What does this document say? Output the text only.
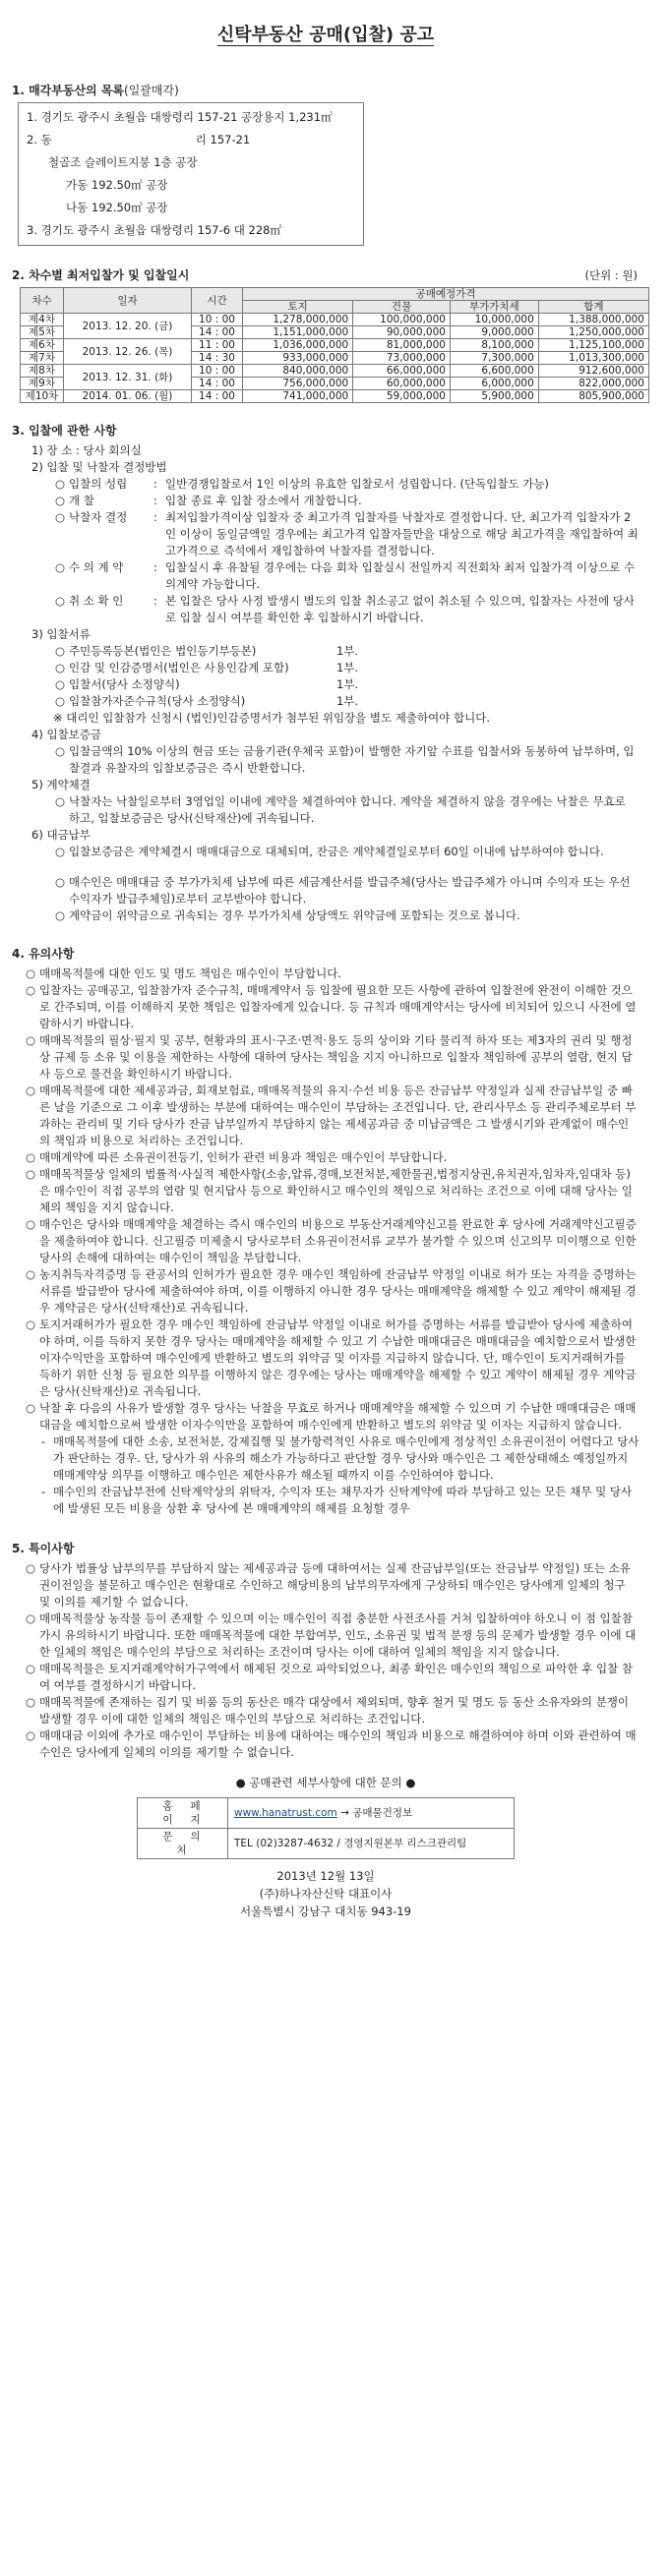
신탁부동산 공매(입찰) 공고
1. 매각부동산의 목록(일괄매각)
1. 경기도 광주시 초월읍 대쌍령리 157-21 공장용지 1,231㎡
2. 동	리 157-21
철골조 슬레이트지붕 1층 공장
가동 192.50㎡ 공장
나동 192.50㎡ 공장
3. 경기도 광주시 초월읍 대쌍령리 157-6 대 228㎡
2. 차수별 최저입찰가 및 입찰일시	(단위 : 원)
차수	일자	시간	공매예정가격			
			토지	건물	부가가치세	합계
제4차	2013. 12. 20. (금)	10 : 00	1,278,000,000	100,000,000	10,000,000	1,388,000,000
제5차		14 : 00	1,151,000,000	90,000,000	9,000,000	1,250,000,000
제6차	2013. 12. 26. (목)	11 : 00	1,036,000,000	81,000,000	8,100,000	1,125,100,000
제7차		14 : 30	933,000,000	73,000,000	7,300,000	1,013,300,000
제8차	2013. 12. 31. (화)	10 : 00	840,000,000	66,000,000	6,600,000	912,600,000
제9차		14 : 00	756,000,000	60,000,000	6,000,000	822,000,000
제10차	2014. 01. 06. (월)	14 : 00	741,000,000	59,000,000	5,900,000	805,900,000
3. 입찰에 관한 사항
1) 장 소 : 당사 회의실
2) 입찰 및 낙찰자 결정방법
○ 입찰의 성립	: 일반경쟁입찰로서 1인 이상의 유효한 입찰로서 성립합니다. (단독입찰도 가능)
○ 개 찰	: 입찰 종료 후 입찰 장소에서 개찰합니다.
○ 낙찰자 결정	: 최저입찰가격이상 입찰자 중 최고가격 입찰자를 낙찰자로 결정합니다. 단, 최고가격 입찰자가 2인 이상이 동일금액일 경우에는 최고가격 입찰자들만을 대상으로 해당 최고가격을 재입찰하여 최고가격으로 즉석에서 재입찰하여 낙찰자를 결정합니다.
○ 수 의 계 약	: 입찰실시 후 유찰될 경우에는 다음 회차 입찰실시 전일까지 직전회차 최저 입찰가격 이상으로 수의계약 가능합니다.
○ 취 소 확 인	: 본 입찰은 당사 사정 발생시 별도의 입찰 취소공고 없이 취소될 수 있으며, 입찰자는 사전에 당사로 입찰 실시 여부를 확인한 후 입찰하시기 바랍니다.
3) 입찰서류
○ 주민등록등본(법인은 법인등기부등본)	1부.
○ 인감 및 인감증명서(법인은 사용인감계 포함)	1부.
○ 입찰서(당사 소정양식)	1부.
○ 입찰참가자준수규칙(당사 소정양식)	1부.
※ 대리인 입찰참가 신청시 (법인)인감증명서가 첨부된 위임장을 별도 제출하여야 합니다.
4) 입찰보증금
○ 입찰금액의 10% 이상의 현금 또는 금융기관(우체국 포함)이 발행한 자기앞 수표를 입찰서와 동봉하여 납부하며, 입찰결과 유찰자의 입찰보증금은 즉시 반환합니다.
5) 계약체결
○ 낙찰자는 낙찰일로부터 3영업일 이내에 계약을 체결하여야 합니다. 계약을 체결하지 않을 경우에는 낙찰은 무효로 하고, 입찰보증금은 당사(신탁재산)에 귀속됩니다.
6) 대금납부
○ 입찰보증금은 계약체결시 매매대금으로 대체되며, 잔금은 계약체결일로부터 60일 이내에 납부하여야 합니다.
○ 매수인은 매매대금 중 부가가치세 납부에 따른 세금계산서를 발급주체(당사는 발급주체가 아니며 수익자 또는 우선수익자가 발급주체임)로부터 교부받아야 합니다.
○ 계약금이 위약금으로 귀속되는 경우 부가가치세 상당액도 위약금에 포함되는 것으로 봅니다.
4. 유의사항
○ 매매목적물에 대한 인도 및 명도 책임은 매수인이 부담합니다.
○ 입찰자는 공매공고, 입찰참가자 준수규칙, 매매계약서 등 입찰에 필요한 모든 사항에 관하여 입찰전에 완전이 이해한 것으로 간주되며, 이를 이해하지 못한 책임은 입찰자에게 있습니다. 등 규칙과 매매계약서는 당사에 비치되어 있으니 사전에 열람하시기 바랍니다.
○ 매매목적물의 필상·필지 및 공부, 현황과의 표시·구조·면적·용도 등의 상이와 기타 물리적 하자 또는 제3자의 권리 및 행정상 규제 등 소유 및 이용을 제한하는 사항에 대하여 당사는 책임을 지지 아니하므로 입찰자 책임하에 공부의 열람, 현지 답사 등으로 물건을 확인하시기 바랍니다.
○ 매매목적물에 대한 제세공과금, 회재보험료, 매매목적물의 유지·수선 비용 등은 잔금납부 약정일과 실제 잔금납부일 중 빠른 날을 기준으로 그 이후 발생하는 부분에 대하여는 매수인이 부담하는 조건입니다. 단, 관리사무소 등 관리주체로부터 부과하는 관리비 및 기타 당사가 잔금 납부일까지 부담하지 않는 제세공과금 중 미납금액은 그 발생시기와 관계없이 매수인의 책임과 비용으로 처리하는 조건입니다.
○ 매매계약에 따른 소유권이전등기, 인허가 관련 비용과 책임은 매수인이 부담합니다.
○ 매매목적물상 일체의 법률적·사실적 제한사항(소송,압류,경매,보전처분,제한물권,법정지상권,유치권자,임차자,임대차 등)은 매수인이 직접 공부의 열람 및 현지답사 등으로 확인하시고 매수인의 책임으로 처리하는 조건으로 이에 대해 당사는 일체의 책임을 지지 않습니다.
○ 매수인은 당사와 매매계약을 체결하는 즉시 매수인의 비용으로 부동산거래계약신고를 완료한 후 당사에 거래계약신고필증을 제출하여야 합니다. 신고필증 미제출시 당사로부터 소유권이전서류 교부가 불가할 수 있으며 신고의무 미이행으로 인한 당사의 손해에 대하여는 매수인이 책임을 부담합니다.
○ 농지취득자격증명 등 관공서의 인허가가 필요한 경우 매수인 책임하에 잔금납부 약정일 이내로 허가 또는 자격을 증명하는 서류를 발급받아 당사에 제출하여야 하며, 이를 이행하지 아니한 경우 당사는 매매계약을 해제할 수 있고 계약이 해제될 경우 계약금은 당사(신탁재산)로 귀속됩니다.
○ 토지거래허가가 필요한 경우 매수인 책임하에 잔금납부 약정일 이내로 허가를 증명하는 서류를 발급받아 당사에 제출하여야 하며, 이를 득하지 못한 경우 당사는 매매계약을 해제할 수 있고 기 수납한 매매대금은 매매대금을 예치함으로서 발생한 이자수익만을 포함하여 매수인에게 반환하고 별도의 위약금 및 이자를 지급하지 않습니다. 단, 매수인이 토지거래허가를 득하기 위한 신청 등 필요한 의무를 이행하지 않은 경우에는 당사는 매매계약을 해제할 수 있고 계약이 해제될 경우 계약금은 당사(신탁재산)로 귀속됩니다.
○ 낙찰 후 다음의 사유가 발생할 경우 당사는 낙찰을 무효로 하거나 매매계약을 해제할 수 있으며 기 수납한 매매대금은 매매대금을 예치함으로써 발생한 이자수익만을 포함하여 매수인에게 반환하고 별도의 위약금 및 이자는 지급하지 않습니다.
- 매매목적물에 대한 소송, 보전처분, 강제집행 및 불가항력적인 사유로 매수인에게 정상적인 소유권이전이 어렵다고 당사가 판단하는 경우. 단, 당사가 위 사유의 해소가 가능하다고 판단할 경우 당사와 매수인은 그 제한상태해소 예정일까지 매매계약상 의무를 이행하고 매수인은 제한사유가 해소될 때까지 이를 수인하여야 합니다.
- 매수인의 잔금납부전에 신탁계약상의 위탁자, 수익자 또는 채무자가 신탁계약에 따라 부담하고 있는 모든 채무 및 당사에 발생된 모든 비용을 상환 후 당사에 본 매매계약의 해제를 요청할 경우
5. 특이사항
○ 당사가 법률상 납부의무를 부담하지 않는 제세공과금 등에 대하여서는 실제 잔금납부일(또는 잔금납부 약정일) 또는 소유권이전일을 불문하고 매수인은 현황대로 수인하고 해당비용의 납부의무자에게 구상하되 매수인은 당사에게 일체의 청구 및 이의를 제기할 수 없습니다.
○ 매매목적물상 농작물 등이 존재할 수 있으며 이는 매수인이 직접 충분한 사전조사를 거쳐 입찰하여야 하오니 이 점 입찰참가시 유의하시기 바랍니다. 또한 매매목적물에 대한 부합여부, 인도, 소유권 및 법적 분쟁 등의 문제가 발생할 경우 이에 대한 일체의 책임은 매수인의 부담으로 처리하는 조건이며 당사는 이에 대하여 일체의 책임을 지지 않습니다.
○ 매매목적물은 토지거래계약허가구역에서 해제된 것으로 파악되었으나, 최종 확인은 매수인의 책임으로 파악한 후 입찰 참여 여부를 결정하시기 바랍니다.
○ 매매목적물에 존재하는 집기 및 비품 등의 동산은 매각 대상에서 제외되며, 향후 철거 및 명도 등 동산 소유자와의 분쟁이 발생할 경우 이에 대한 일체의 책임은 매수인의 부담으로 처리하는 조건입니다.
○ 매매대금 이외에 추가로 매수인이 부담하는 비용에 대하여는 매수인의 책임과 비용으로 해결하여야 하며 이와 관련하여 매수인은 당사에게 일체의 이의를 제기할 수 없습니다.
● 공매관련 세부사항에 대한 문의 ●
홈페이지	www.hanatrust.com → 공매물건정보
문의처	TEL (02)3287-4632 / 경영지원본부 리스크관리팀
2013년 12월 13일
(주)하나자산신탁 대표이사
서울특별시 강남구 대치동 943-19
